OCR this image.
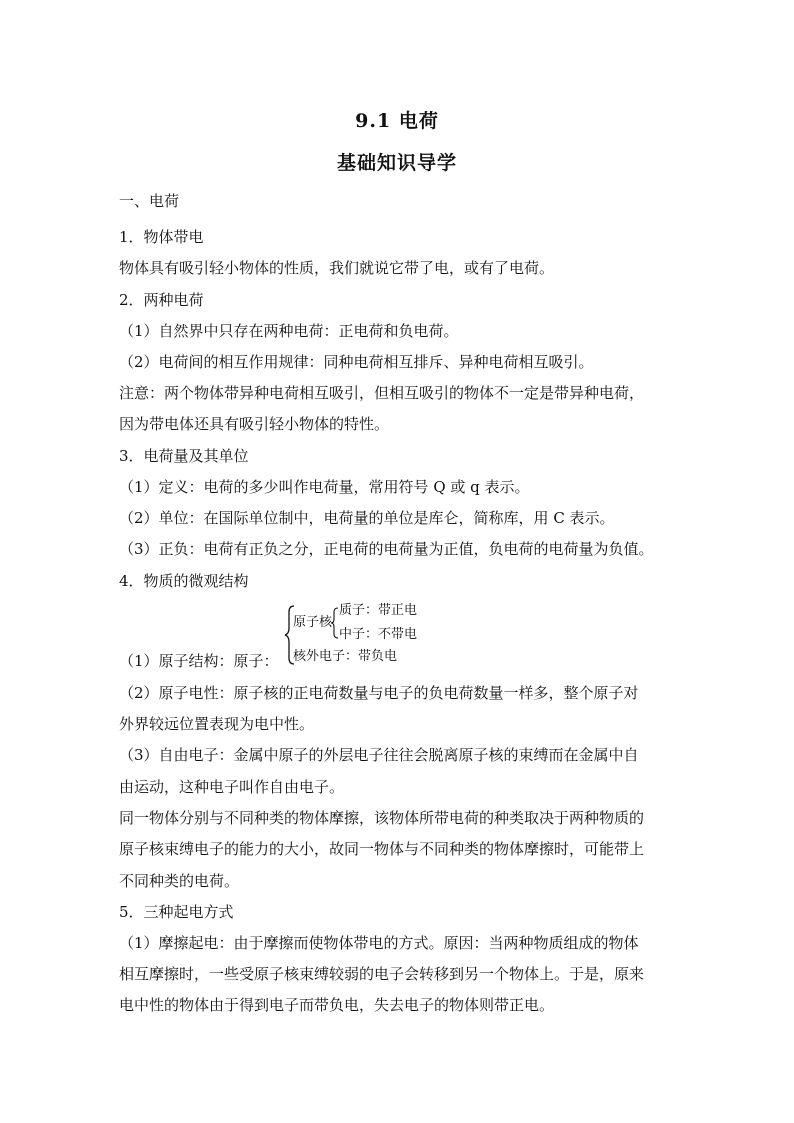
9.1 电荷
基础知识导学
一、电荷
1．物体带电
物体具有吸引轻小物体的性质，我们就说它带了电，或有了电荷。
2．两种电荷
（1）自然界中只存在两种电荷：正电荷和负电荷。
（2）电荷间的相互作用规律：同种电荷相互排斥、异种电荷相互吸引。
注意：两个物体带异种电荷相互吸引，但相互吸引的物体不一定是带异种电荷，
因为带电体还具有吸引轻小物体的特性。
3．电荷量及其单位
（1）定义：电荷的多少叫作电荷量，常用符号 Q 或 q 表示。
（2）单位：在国际单位制中，电荷量的单位是库仑，简称库，用 C 表示。
（3）正负：电荷有正负之分，正电荷的电荷量为正值，负电荷的电荷量为负值。
4．物质的微观结构
（1）原子结构：原子：
原子核
质子：带正电
中子：不带电
核外电子：带负电
（2）原子电性：原子核的正电荷数量与电子的负电荷数量一样多，整个原子对
外界较远位置表现为电中性。
（3）自由电子：金属中原子的外层电子往往会脱离原子核的束缚而在金属中自
由运动，这种电子叫作自由电子。
同一物体分别与不同种类的物体摩擦，该物体所带电荷的种类取决于两种物质的
原子核束缚电子的能力的大小，故同一物体与不同种类的物体摩擦时，可能带上
不同种类的电荷。
5．三种起电方式
（1）摩擦起电：由于摩擦而使物体带电的方式。原因：当两种物质组成的物体
相互摩擦时，一些受原子核束缚较弱的电子会转移到另一个物体上。于是，原来
电中性的物体由于得到电子而带负电，失去电子的物体则带正电。
